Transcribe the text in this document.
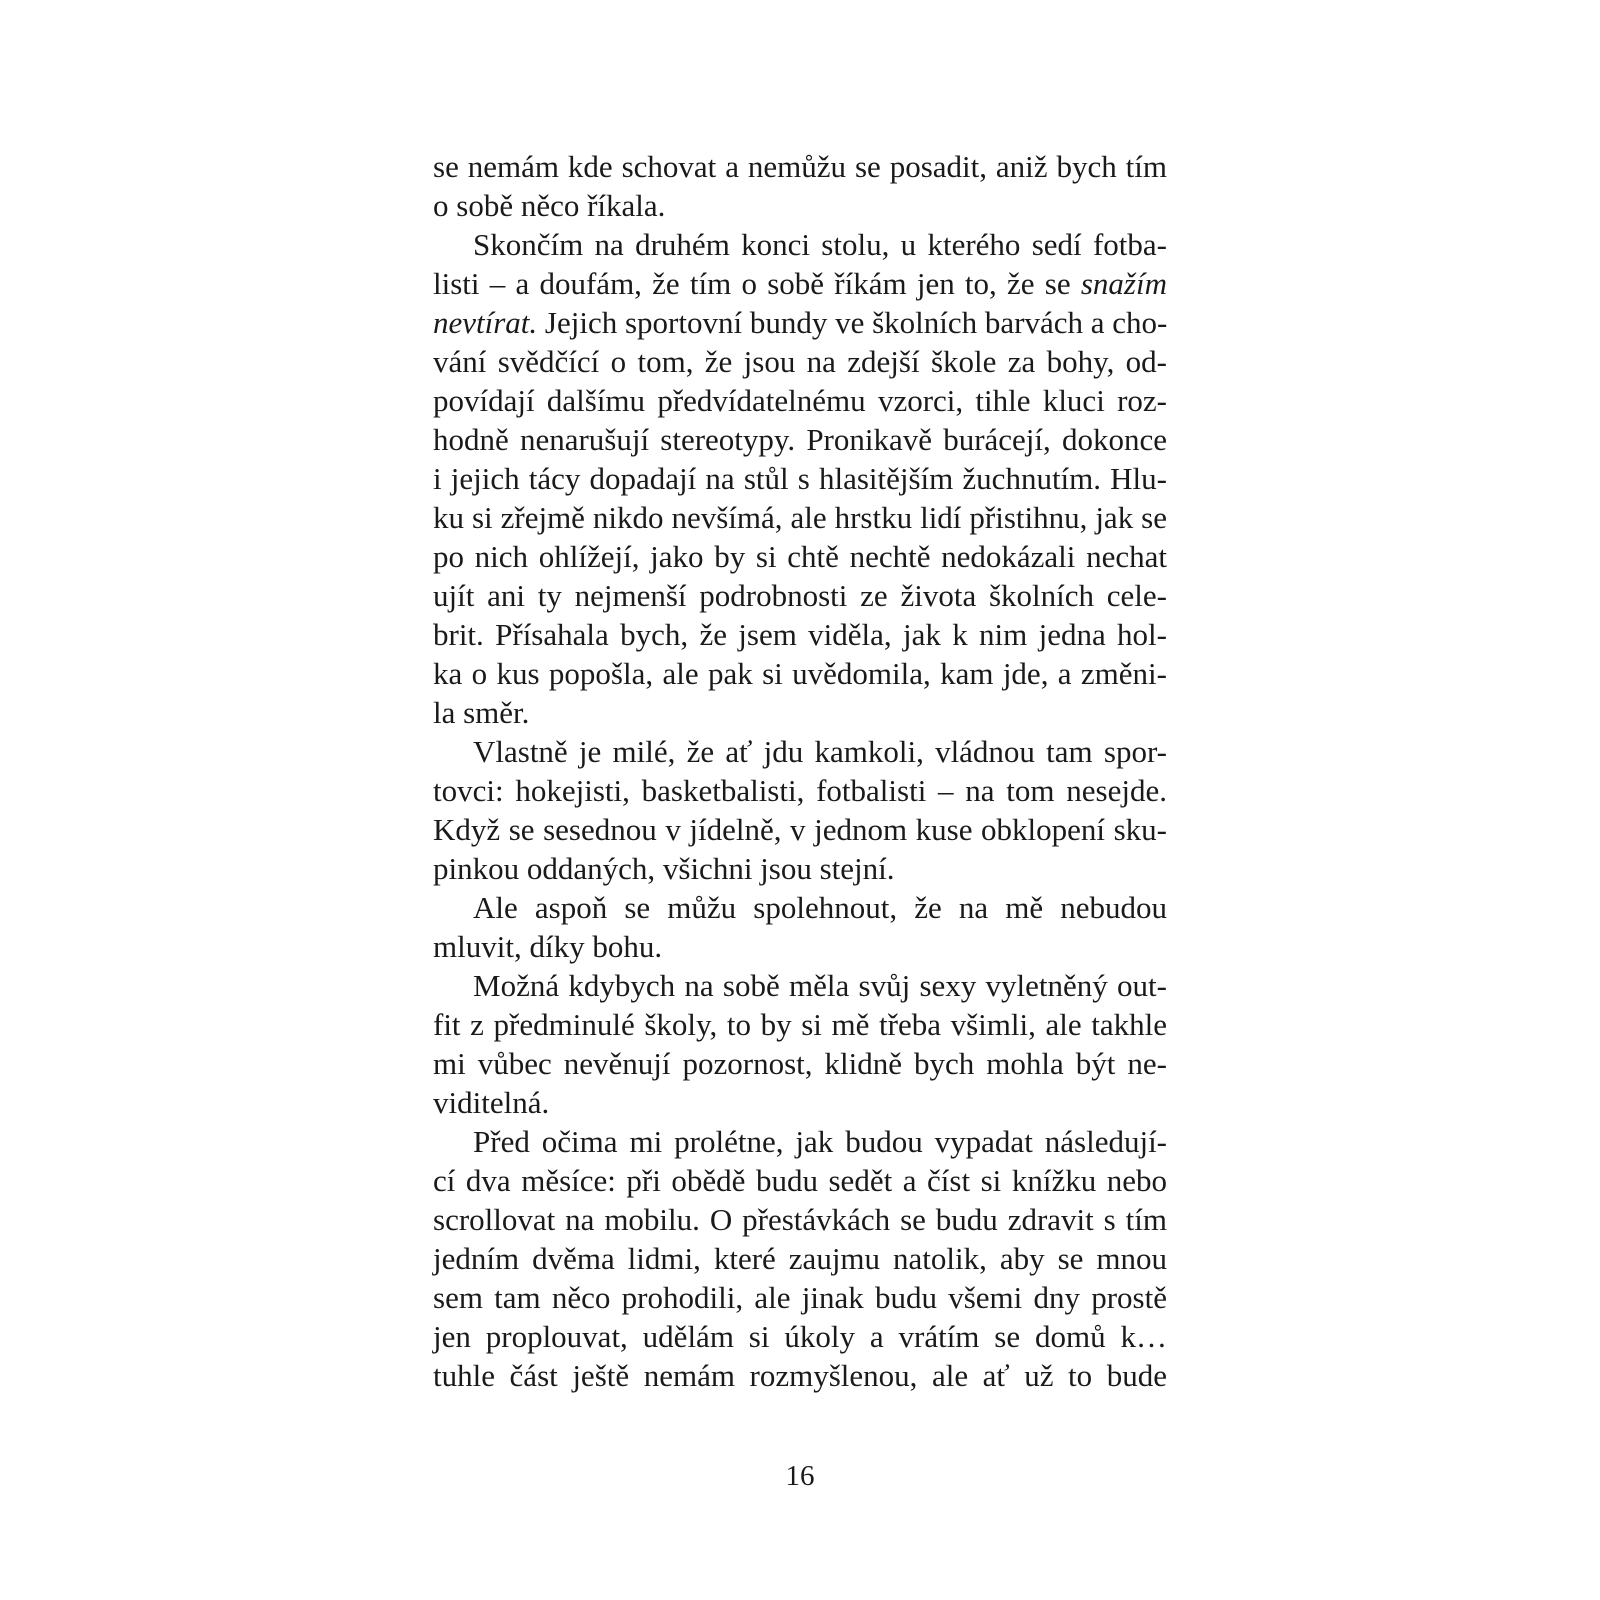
se nemám kde schovat a nemůžu se posadit, aniž bych tím
o sobě něco říkala.
Skončím na druhém konci stolu, u kterého sedí fotba-
listi – a doufám, že tím o sobě říkám jen to, že se snažím
nevtírat. Jejich sportovní bundy ve školních barvách a cho-
vání svědčící o tom, že jsou na zdejší škole za bohy, od-
povídají dalšímu předvídatelnému vzorci, tihle kluci roz-
hodně nenarušují stereotypy. Pronikavě burácejí, dokonce
i jejich tácy dopadají na stůl s hlasitějším žuchnutím. Hlu-
ku si zřejmě nikdo nevšímá, ale hrstku lidí přistihnu, jak se
po nich ohlížejí, jako by si chtě nechtě nedokázali nechat
ujít ani ty nejmenší podrobnosti ze života školních cele-
brit. Přísahala bych, že jsem viděla, jak k nim jedna hol-
ka o kus popošla, ale pak si uvědomila, kam jde, a změni-
la směr.
Vlastně je milé, že ať jdu kamkoli, vládnou tam spor-
tovci: hokejisti, basketbalisti, fotbalisti – na tom nesejde.
Když se sesednou v jídelně, v jednom kuse obklopení sku-
pinkou oddaných, všichni jsou stejní.
Ale aspoň se můžu spolehnout, že na mě nebudou
mluvit, díky bohu.
Možná kdybych na sobě měla svůj sexy vyletněný out-
fit z předminulé školy, to by si mě třeba všimli, ale takhle
mi vůbec nevěnují pozornost, klidně bych mohla být ne-
viditelná.
Před očima mi prolétne, jak budou vypadat následují-
cí dva měsíce: při obědě budu sedět a číst si knížku nebo
scrollovat na mobilu. O přestávkách se budu zdravit s tím
jedním dvěma lidmi, které zaujmu natolik, aby se mnou
sem tam něco prohodili, ale jinak budu všemi dny prostě
jen proplouvat, udělám si úkoly a vrátím se domů k…
tuhle část ještě nemám rozmyšlenou, ale ať už to bude
16
